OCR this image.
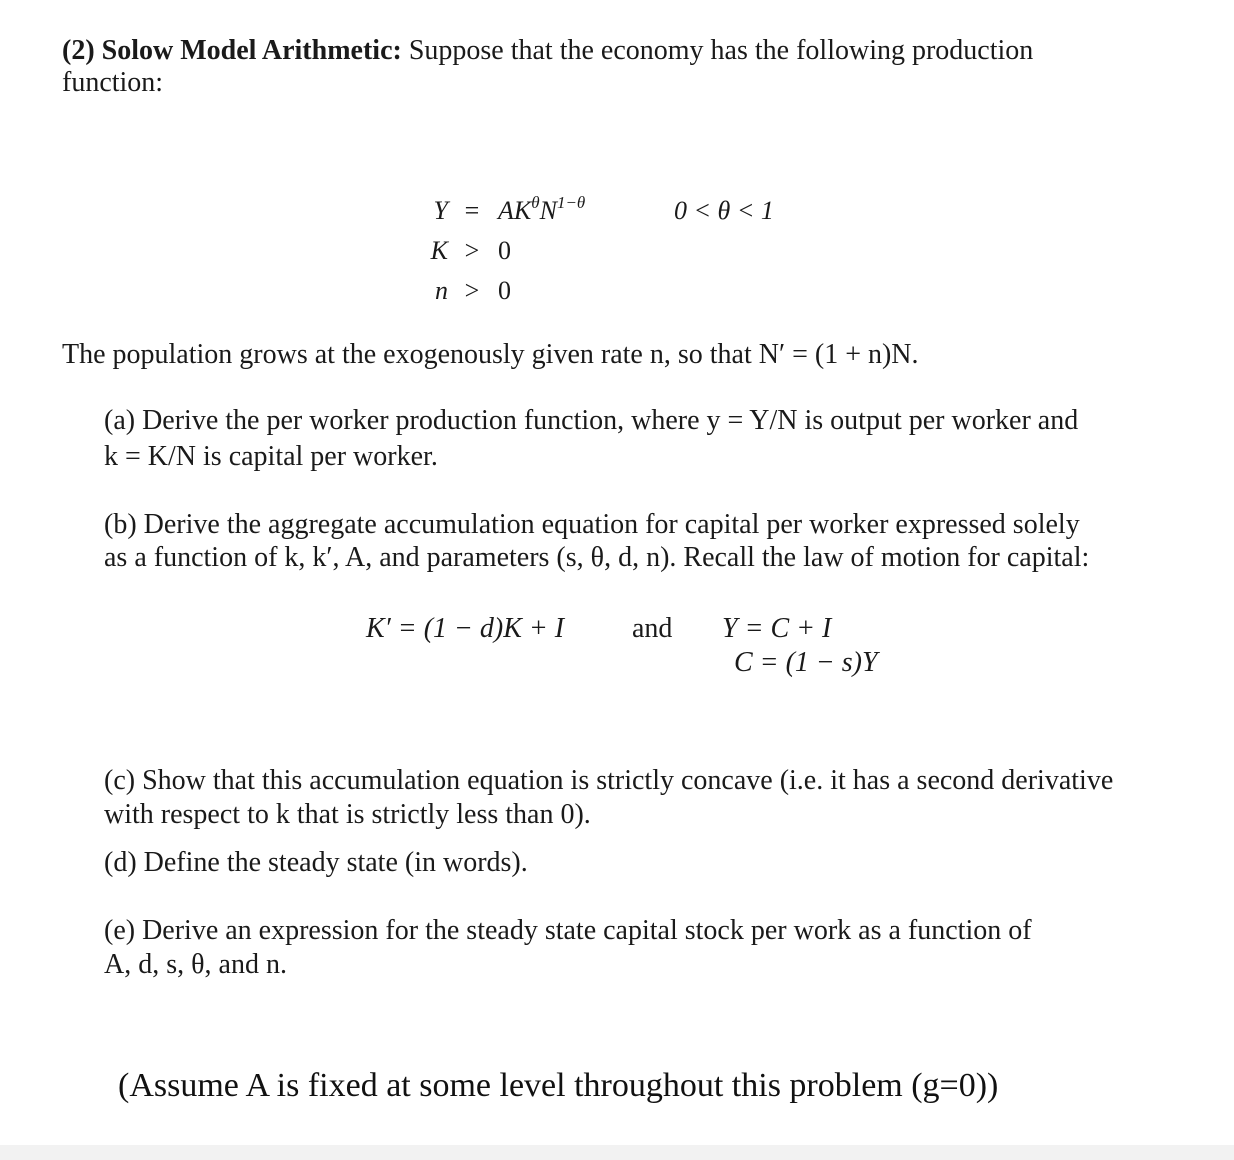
(2) Solow Model Arithmetic: Suppose that the economy has the following production
function:
$Y = AK^\theta N^{1-\theta}$	0 < θ < 1
K > 0
n > 0
The population grows at the exogenously given rate n, so that N′ = (1 + n)N.
(a) Derive the per worker production function, where y = Y/N is output per worker and
k = K/N is capital per worker.
(b) Derive the aggregate accumulation equation for capital per worker expressed solely
as a function of k, k′, A, and parameters (s, θ, d, n). Recall the law of motion for capital:
K′ = (1 − d)K + I and Y = C + I
C = (1 − s)Y
(c) Show that this accumulation equation is strictly concave (i.e. it has a second derivative
with respect to k that is strictly less than 0).
(d) Define the steady state (in words).
(e) Derive an expression for the steady state capital stock per work as a function of
A, d, s, θ, and n.
(Assume A is fixed at some level throughout this problem (g=0))
